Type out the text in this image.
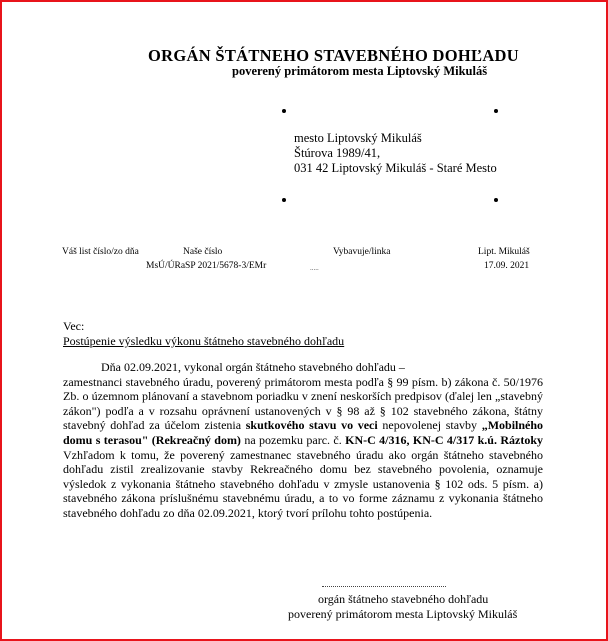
ORGÁN ŠTÁTNEHO STAVEBNÉHO DOHĽADU
poverený primátorom mesta Liptovský Mikuláš
mesto Liptovský Mikuláš
Štúrova 1989/41,
031 42 Liptovský Mikuláš - Staré Mesto
Váš list číslo/zo dňa	Naše číslo
MsÚ/ÚRaSP 2021/5678-3/EMr
Vybavuje/linka
.....
Lipt. Mikuláš
17.09. 2021
Vec:
Postúpenie výsledku výkonu štátneho stavebného dohľadu

Dňa 02.09.2021, vykonal orgán štátneho stavebného dohľadu –

zamestnanci stavebného úradu, poverený primátorom mesta podľa § 99 písm. b) zákona č. 50/1976 Zb. o územnom plánovaní a stavebnom poriadku v znení neskorších predpisov (ďalej len „stavebný zákon") podľa a v rozsahu oprávnení ustanovených v § 98 až § 102 stavebného zákona, štátny stavebný dohľad za účelom zistenia skutkového stavu vo veci nepovolenej stavby „Mobilného domu s terasou" (Rekreačný dom) na pozemku parc. č. KN-C 4/316, KN-C 4/317 k.ú. Ráztoky Vzhľadom k tomu, že poverený zamestnanec stavebného úradu ako orgán štátneho stavebného dohľadu zistil zrealizovanie stavby Rekreačného domu bez stavebného povolenia, oznamuje výsledok z vykonania štátneho stavebného dohľadu v zmysle ustanovenia § 102 ods. 5 písm. a) stavebného zákona príslušnému stavebnému úradu, a to vo forme záznamu z vykonania štátneho stavebného dohľadu zo dňa 02.09.2021, ktorý tvorí prílohu tohto postúpenia.

orgán štátneho stavebného dohľadu
poverený primátorom mesta Liptovský Mikuláš
